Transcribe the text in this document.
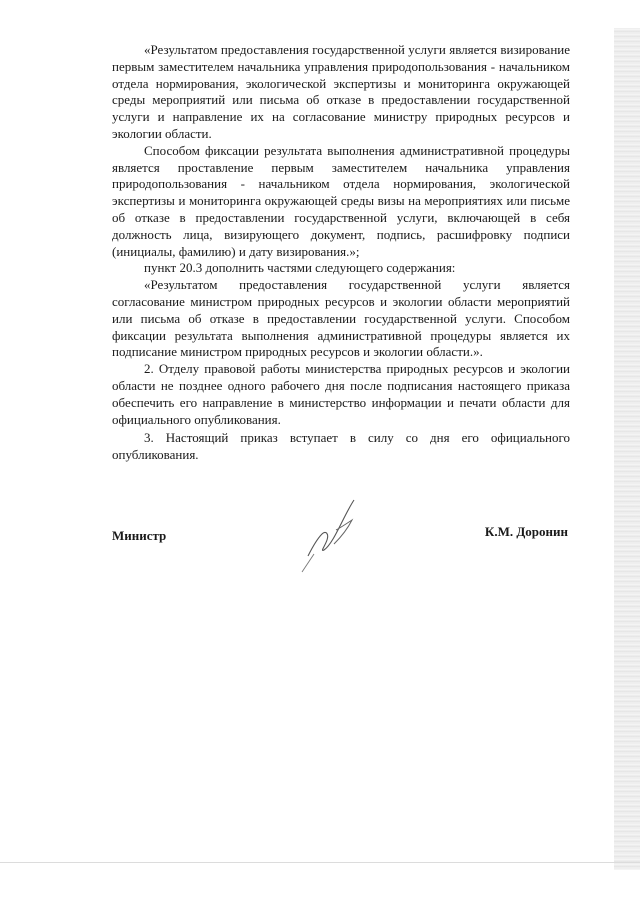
«Результатом предоставления государственной услуги является визирование первым заместителем начальника управления природопользования - начальником отдела нормирования, экологической экспертизы и мониторинга окружающей среды мероприятий или письма об отказе в предоставлении государственной услуги и направление их на согласование министру природных ресурсов и экологии области.

Способом фиксации результата выполнения административной процедуры является проставление первым заместителем начальника управления природопользования - начальником отдела нормирования, экологической экспертизы и мониторинга окружающей среды визы на мероприятиях или письме об отказе в предоставлении государственной услуги, включающей в себя должность лица, визирующего документ, подпись, расшифровку подписи (инициалы, фамилию) и дату визирования.»;

пункт 20.3 дополнить частями следующего содержания:

«Результатом предоставления государственной услуги является согласование министром природных ресурсов и экологии области мероприятий или письма об отказе в предоставлении государственной услуги. Способом фиксации результата выполнения административной процедуры является их подписание министром природных ресурсов и экологии области.».

2. Отделу правовой работы министерства природных ресурсов и экологии области не позднее одного рабочего дня после подписания настоящего приказа обеспечить его направление в министерство информации и печати области для официального опубликования.

3. Настоящий приказ вступает в силу со дня его официального опубликования.

Министр	К.М. Доронин
